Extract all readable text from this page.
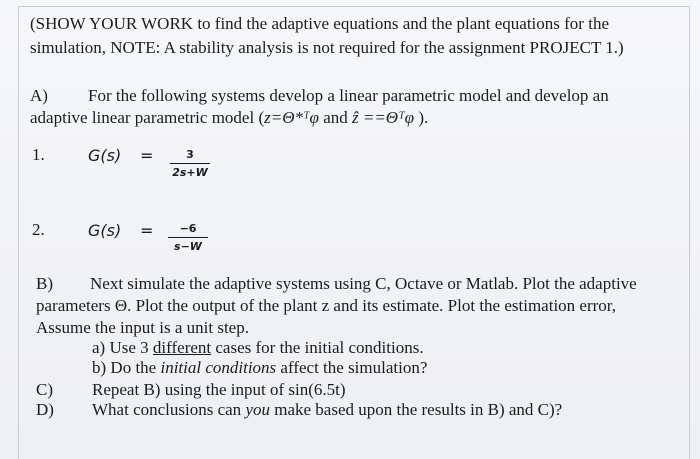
(SHOW YOUR WORK to find the adaptive equations and the plant equations for the
simulation, NOTE: A stability analysis is not required for the assignment PROJECT 1.)
A) For the following systems develop a linear parametric model and develop an
adaptive linear parametric model (z=Θ*ᵀφ and ẑ ==Θᵀφ ).
1.	G(s) =	3
2s+W
2.	G(s) =	−6
s−W
B) Next simulate the adaptive systems using C, Octave or Matlab. Plot the adaptive
parameters Θ. Plot the output of the plant z and its estimate. Plot the estimation error,
Assume the input is a unit step.
a) Use 3 different cases for the initial conditions.
b) Do the initial conditions affect the simulation?
C) Repeat B) using the input of sin(6.5t)
D) What conclusions can you make based upon the results in B) and C)?
